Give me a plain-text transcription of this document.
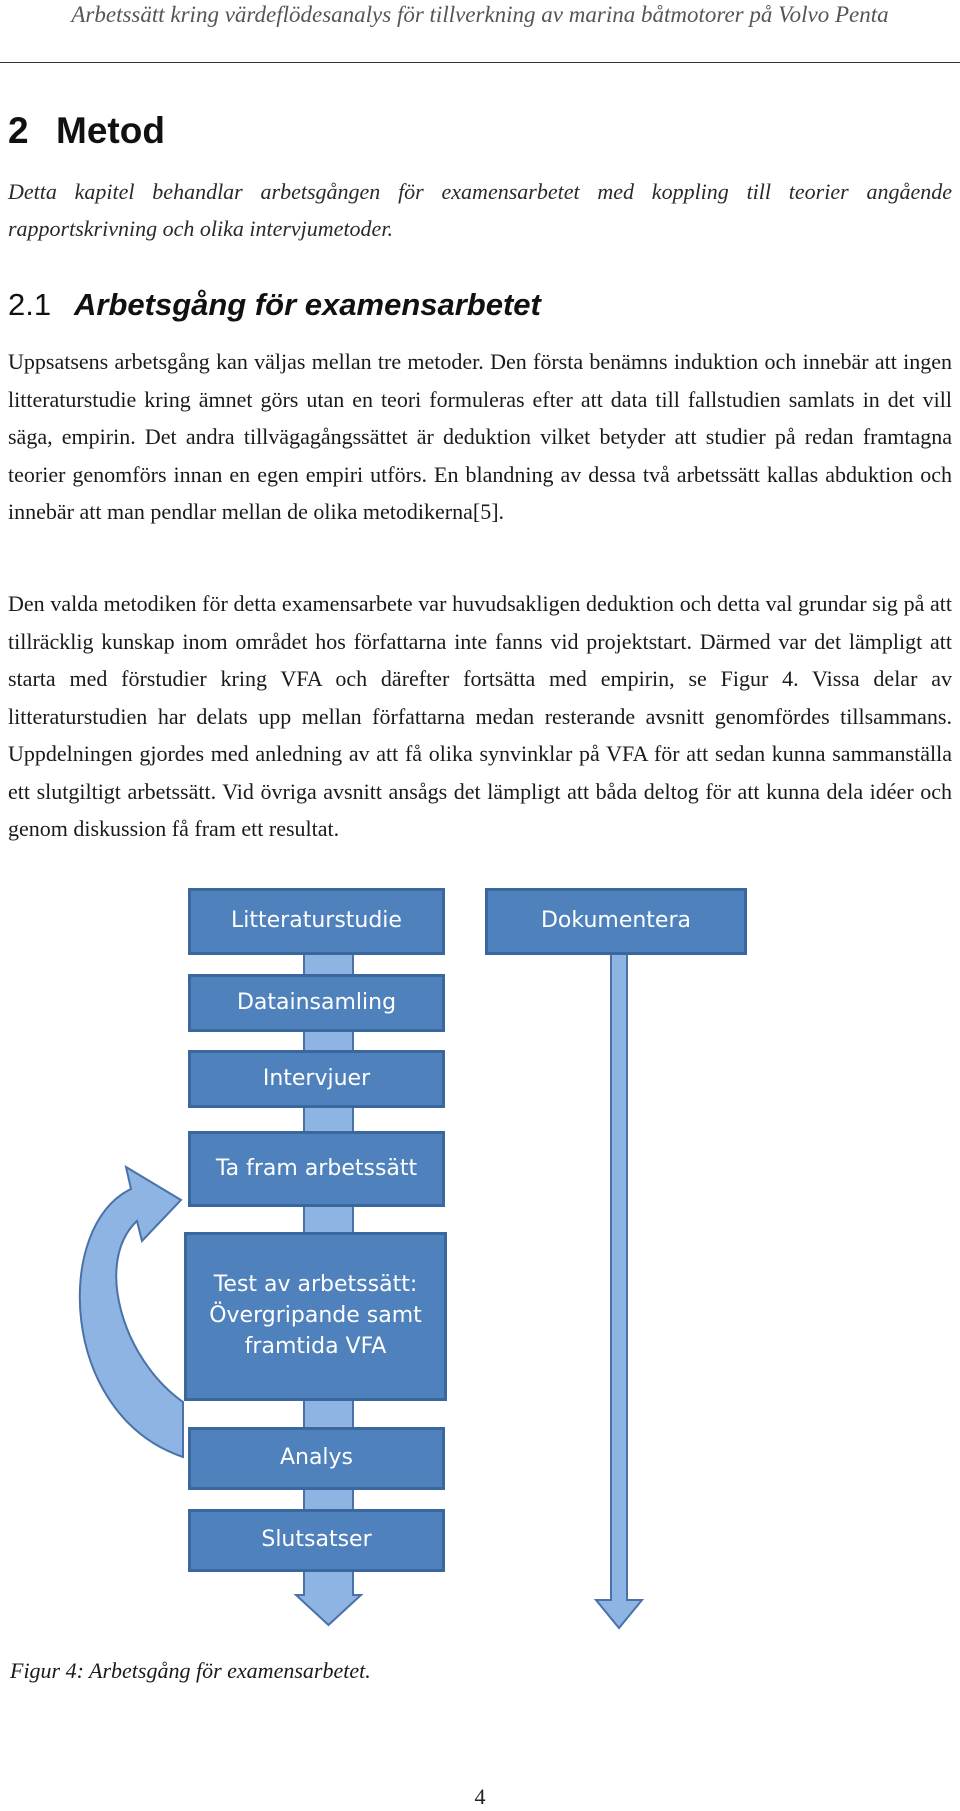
Arbetssätt kring värdeflödesanalys för tillverkning av marina båtmotorer på Volvo Penta
2 Metod

Detta kapitel behandlar arbetsgången för examensarbetet med koppling till teorier angående rapportskrivning och olika intervjumetoder.

2.1 Arbetsgång för examensarbetet

Uppsatsens arbetsgång kan väljas mellan tre metoder. Den första benämns induktion och innebär att ingen litteraturstudie kring ämnet görs utan en teori formuleras efter att data till fallstudien samlats in det vill säga, empirin. Det andra tillvägagångssättet är deduktion vilket betyder att studier på redan framtagna teorier genomförs innan en egen empiri utförs. En blandning av dessa två arbetssätt kallas abduktion och innebär att man pendlar mellan de olika metodikerna[5].

Den valda metodiken för detta examensarbete var huvudsakligen deduktion och detta val grundar sig på att tillräcklig kunskap inom området hos författarna inte fanns vid projektstart. Därmed var det lämpligt att starta med förstudier kring VFA och därefter fortsätta med empirin, se Figur 4. Vissa delar av litteraturstudien har delats upp mellan författarna medan resterande avsnitt genomfördes tillsammans. Uppdelningen gjordes med anledning av att få olika synvinklar på VFA för att sedan kunna sammanställa ett slutgiltigt arbetssätt. Vid övriga avsnitt ansågs det lämpligt att båda deltog för att kunna dela idéer och genom diskussion få fram ett resultat.

Litteraturstudie	Dokumentera
Datainsamling
Intervjuer
Ta fram arbetssätt
Test av arbetssätt:
Övergripande samt
framtida VFA
Analys
Slutsatser

Figur 4: Arbetsgång för examensarbetet.

4
